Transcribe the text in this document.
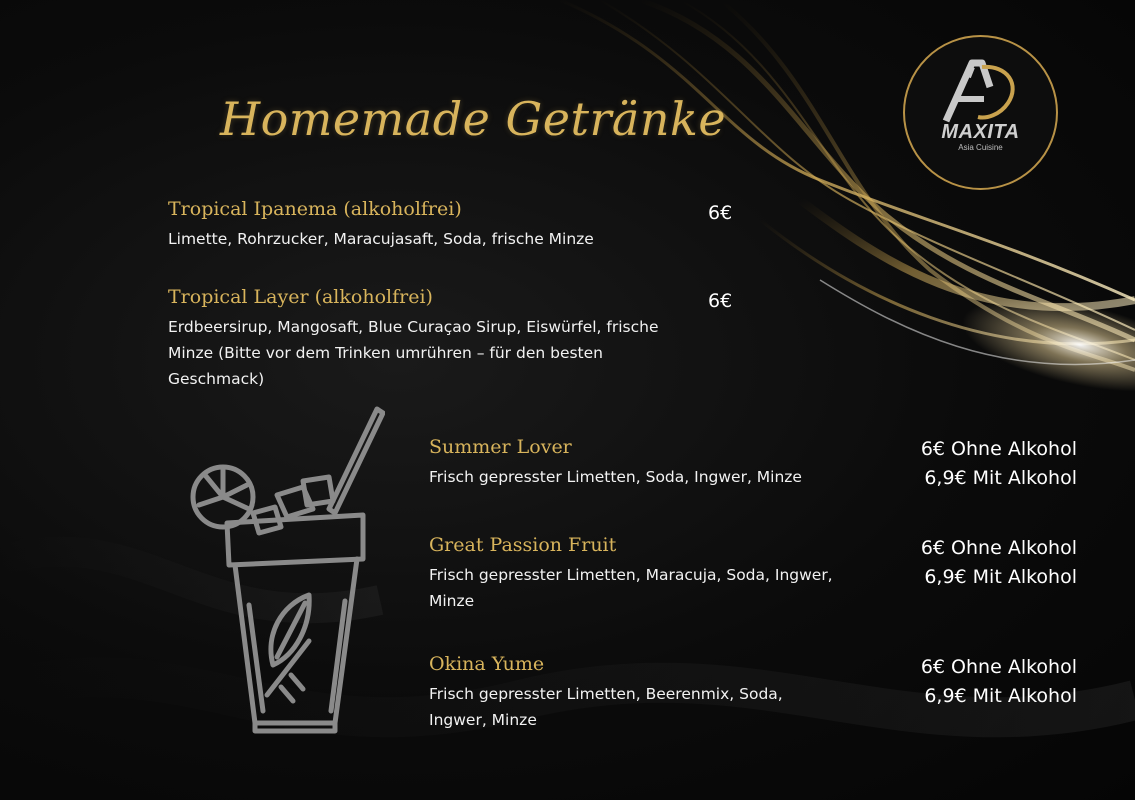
Homemade Getränke	MAXITA
Asia Cuisine
Tropical Ipanema (alkoholfrei)
Limette, Rohrzucker, Maracujasaft, Soda, frische Minze
6€
Tropical Layer (alkoholfrei)
Erdbeersirup, Mangosaft, Blue Curaçao Sirup, Eiswürfel, frische Minze (Bitte vor dem Trinken umrühren – für den besten Geschmack)
6€
Summer Lover
Frisch gepresster Limetten, Soda, Ingwer, Minze
6€ Ohne Alkohol
6,9€ Mit Alkohol
Great Passion Fruit
Frisch gepresster Limetten, Maracuja, Soda, Ingwer, Minze
6€ Ohne Alkohol
6,9€ Mit Alkohol
Okina Yume
Frisch gepresster Limetten, Beerenmix, Soda, Ingwer, Minze
6€ Ohne Alkohol
6,9€ Mit Alkohol
